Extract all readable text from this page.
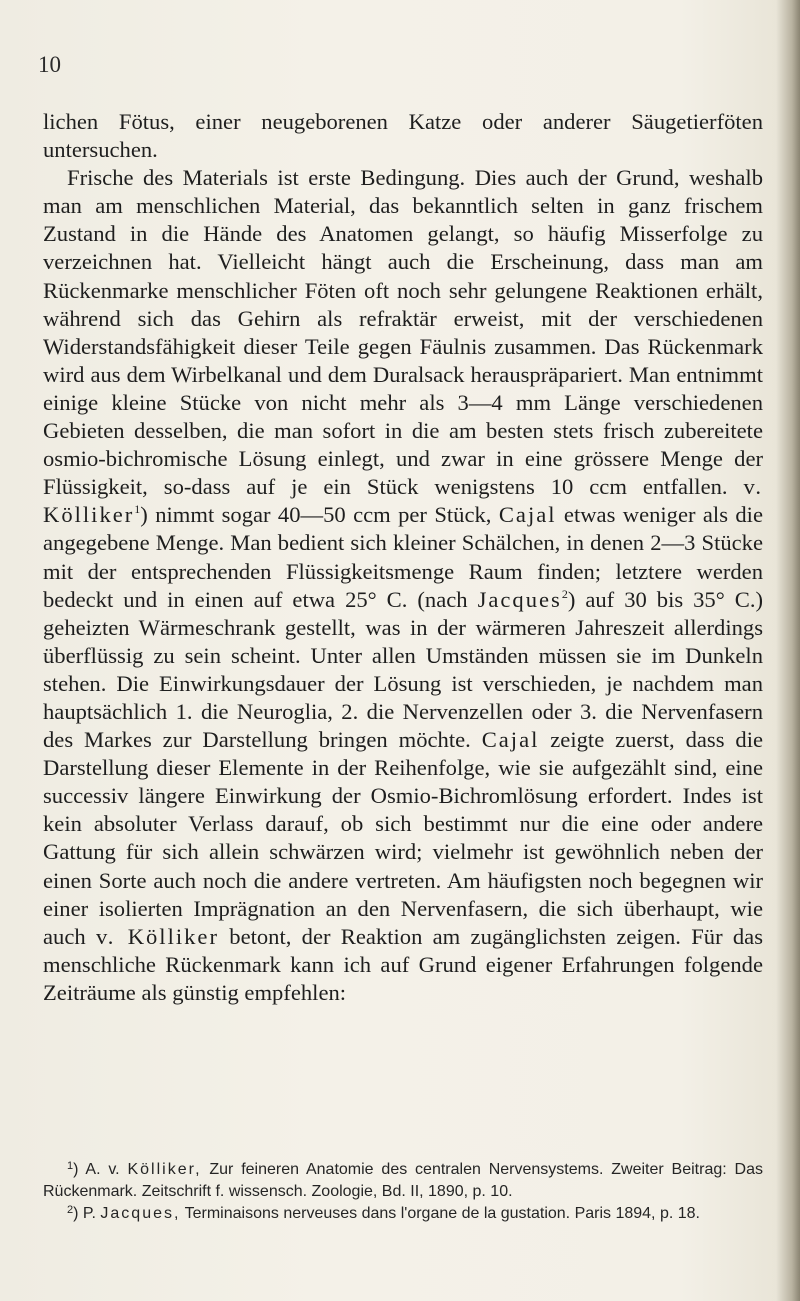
10

lichen Fötus, einer neugeborenen Katze oder anderer Säugetierföten untersuchen.

Frische des Materials ist erste Bedingung. Dies auch der Grund, weshalb man am menschlichen Material, das bekanntlich selten in ganz frischem Zustand in die Hände des Anatomen gelangt, so häufig Misserfolge zu verzeichnen hat. Vielleicht hängt auch die Erscheinung, dass man am Rückenmarke menschlicher Föten oft noch sehr gelungene Reaktionen erhält, während sich das Gehirn als refraktär erweist, mit der verschiedenen Widerstandsfähigkeit dieser Teile gegen Fäulnis zusammen. Das Rückenmark wird aus dem Wirbelkanal und dem Duralsack herauspräpariert. Man entnimmt einige kleine Stücke von nicht mehr als 3—4 mm Länge verschiedenen Gebieten desselben, die man sofort in die am besten stets frisch zubereitete osmio-bichromische Lösung einlegt, und zwar in eine grössere Menge der Flüssigkeit, so-dass auf je ein Stück wenigstens 10 ccm entfallen. v. Kölliker$^1$) nimmt sogar 40—50 ccm per Stück, Cajal etwas weniger als die angegebene Menge. Man bedient sich kleiner Schälchen, in denen 2—3 Stücke mit der entsprechenden Flüssigkeitsmenge Raum finden; letztere werden bedeckt und in einen auf etwa 25° C. (nach Jacques$^2$) auf 30 bis 35° C.) geheizten Wärmeschrank gestellt, was in der wärmeren Jahreszeit allerdings überflüssig zu sein scheint. Unter allen Umständen müssen sie im Dunkeln stehen. Die Einwirkungsdauer der Lösung ist verschieden, je nachdem man hauptsächlich 1. die Neuroglia, 2. die Nervenzellen oder 3. die Nervenfasern des Markes zur Darstellung bringen möchte. Cajal zeigte zuerst, dass die Darstellung dieser Elemente in der Reihenfolge, wie sie aufgezählt sind, eine successiv längere Einwirkung der Osmio-Bichromlösung erfordert. Indes ist kein absoluter Verlass darauf, ob sich bestimmt nur die eine oder andere Gattung für sich allein schwärzen wird; vielmehr ist gewöhnlich neben der einen Sorte auch noch die andere vertreten. Am häufigsten noch begegnen wir einer isolierten Imprägnation an den Nervenfasern, die sich überhaupt, wie auch v. Kölliker betont, der Reaktion am zugänglichsten zeigen. Für das menschliche Rückenmark kann ich auf Grund eigener Erfahrungen folgende Zeiträume als günstig empfehlen:

$^1$) A. v. Kölliker, Zur feineren Anatomie des centralen Nervensystems. Zweiter Beitrag: Das Rückenmark. Zeitschrift f. wissensch. Zoologie, Bd. II, 1890, p. 10.

$^2$) P. Jacques, Terminaisons nerveuses dans l'organe de la gustation. Paris 1894, p. 18.
